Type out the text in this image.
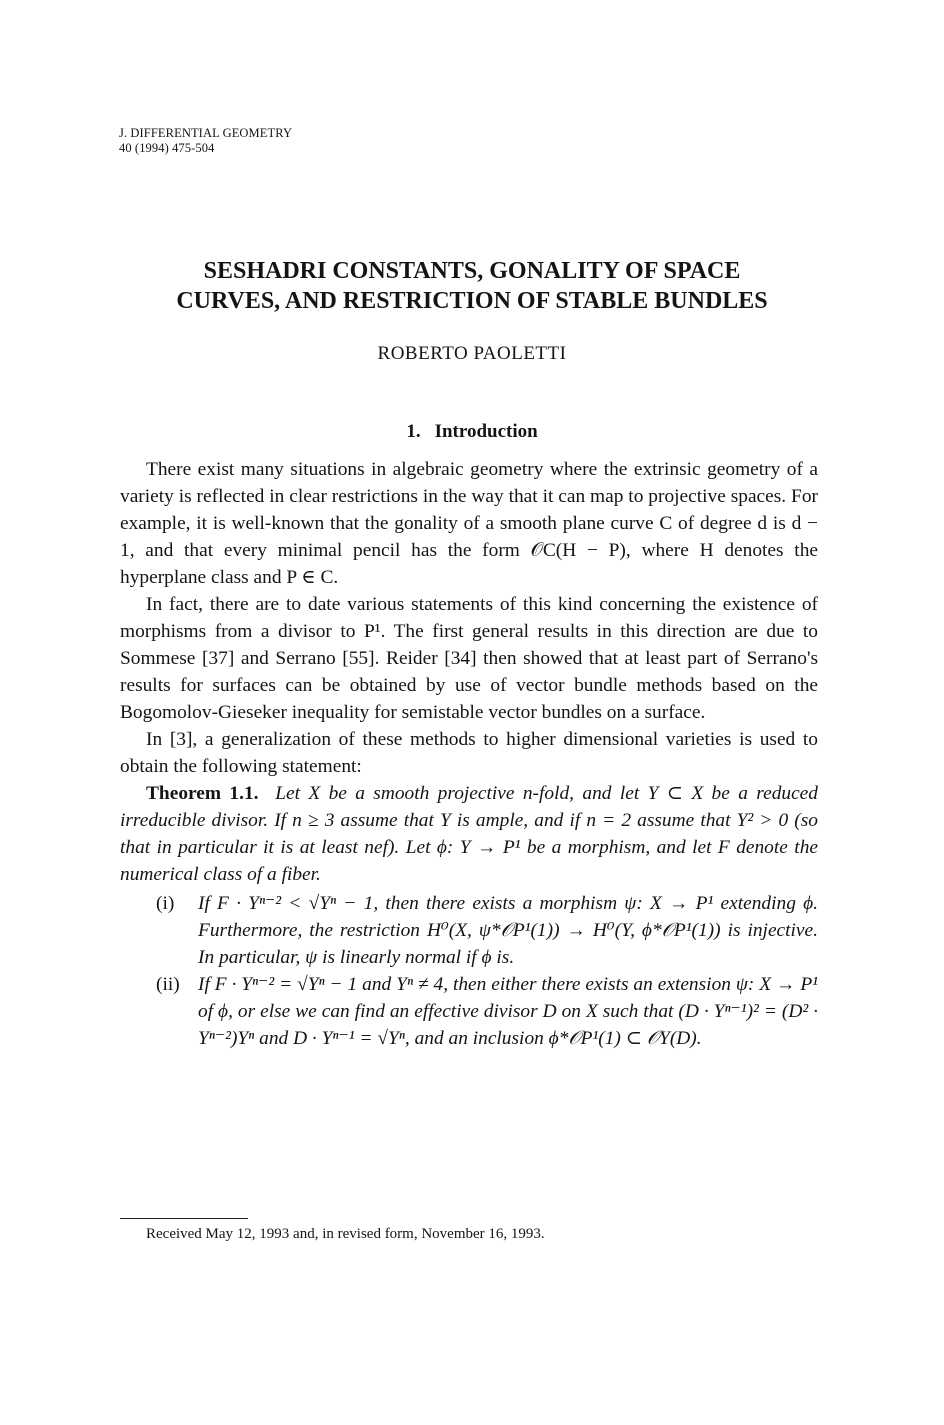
J. DIFFERENTIAL GEOMETRY
40 (1994) 475-504
SESHADRI CONSTANTS, GONALITY OF SPACE
CURVES, AND RESTRICTION OF STABLE BUNDLES
ROBERTO PAOLETTI
1. Introduction

There exist many situations in algebraic geometry where the extrinsic geometry of a variety is reflected in clear restrictions in the way that it can map to projective spaces. For example, it is well-known that the gonality of a smooth plane curve C of degree d is d − 1, and that every minimal pencil has the form 𝒪C(H − P), where H denotes the hyperplane class and P ∈ C.

In fact, there are to date various statements of this kind concerning the existence of morphisms from a divisor to P¹. The first general results in this direction are due to Sommese [37] and Serrano [55]. Reider [34] then showed that at least part of Serrano's results for surfaces can be obtained by use of vector bundle methods based on the Bogomolov-Gieseker inequality for semistable vector bundles on a surface.

In [3], a generalization of these methods to higher dimensional varieties is used to obtain the following statement:

Theorem 1.1. Let X be a smooth projective n-fold, and let Y ⊂ X be a reduced irreducible divisor. If n ≥ 3 assume that Y is ample, and if n = 2 assume that Y² > 0 (so that in particular it is at least nef). Let ϕ: Y → P¹ be a morphism, and let F denote the numerical class of a fiber.

(i) If F · Yⁿ⁻² < √Yⁿ − 1, then there exists a morphism ψ: X → P¹ extending ϕ. Furthermore, the restriction H⁰(X, ψ*𝒪P¹(1)) → H⁰(Y, ϕ*𝒪P¹(1)) is injective. In particular, ψ is linearly normal if ϕ is.
(ii) If F · Yⁿ⁻² = √Yⁿ − 1 and Yⁿ ≠ 4, then either there exists an extension ψ: X → P¹ of ϕ, or else we can find an effective divisor D on X such that (D · Yⁿ⁻¹)² = (D² · Yⁿ⁻²)Yⁿ and D · Yⁿ⁻¹ = √Yⁿ, and an inclusion ϕ*𝒪P¹(1) ⊂ 𝒪Y(D).
Received May 12, 1993 and, in revised form, November 16, 1993.
